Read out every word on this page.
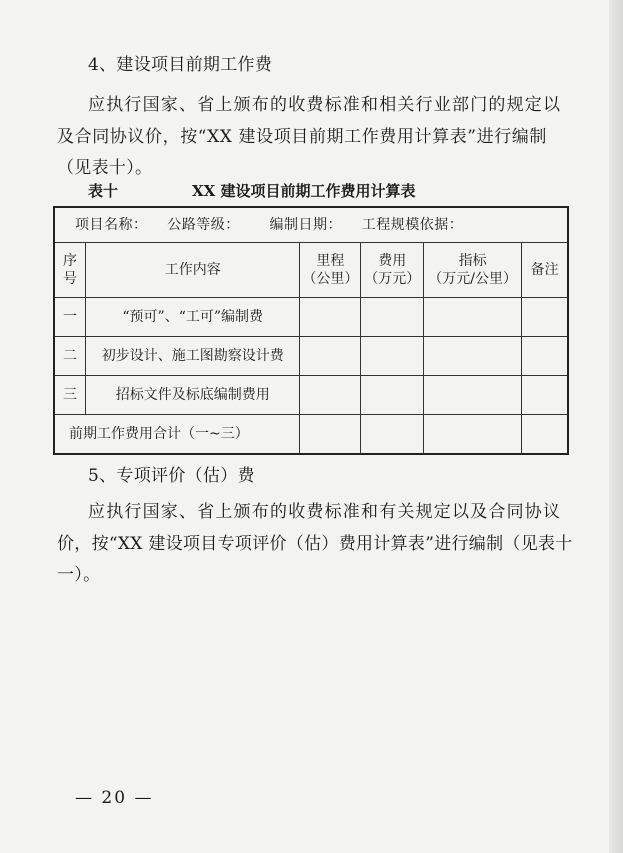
4、建设项目前期工作费
应执行国家、省上颁布的收费标准和相关行业部门的规定以
及合同协议价，按“XX 建设项目前期工作费用计算表”进行编制
（见表十）。
表十	XX 建设项目前期工作费用计算表
项目名称：    公路等级：      编制日期：    工程规模依据：					
序
号	工作内容	里程
（公里）	费用
（万元）	指标
（万元/公里）	备注
一	“预可”、“工可”编制费				
二	初步设计、施工图勘察设计费				
三	招标文件及标底编制费用				
前期工作费用合计（一~三）					
5、专项评价（估）费
应执行国家、省上颁布的收费标准和有关规定以及合同协议
价，按“XX 建设项目专项评价（估）费用计算表”进行编制（见表十
一）。
— 20 —
